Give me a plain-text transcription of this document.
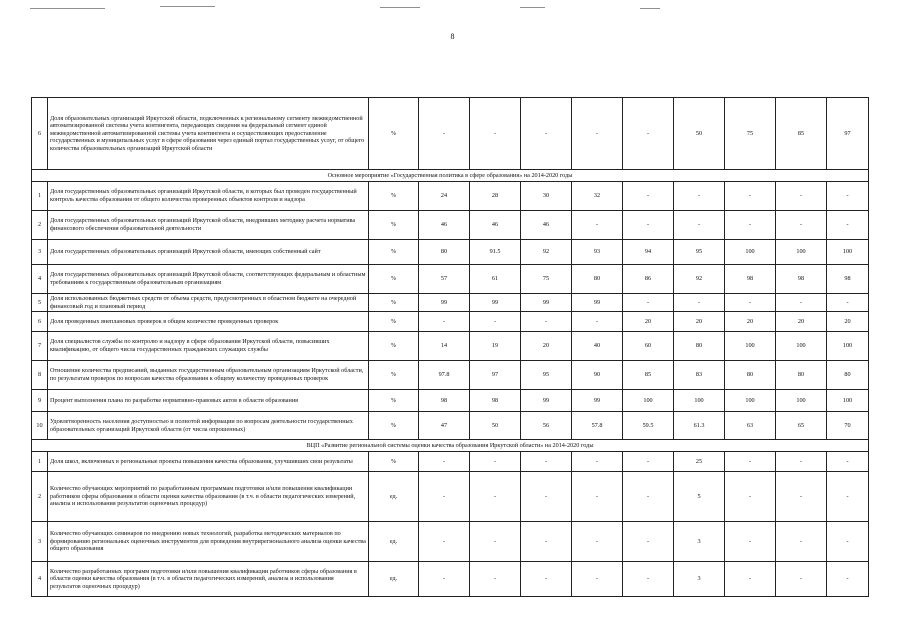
8
6	Доля образовательных организаций Иркутской области, подключенных к региональному сегменту межведомственной автоматизированной системы учета контингента, передающих сведения на федеральный сегмент единой межведомственной автоматизированной системы учета контингента и осуществляющих предоставление государственных и муниципальных услуг в сфере образования через единый портал государственных услуг, от общего количества образовательных организаций Иркутской области	%	-	-	-	-	-	50	75	85	97
Основное мероприятие «Государственная политика в сфере образования» на 2014-2020 годы											
1	Доля государственных образовательных организаций Иркутской области, в которых был проведен государственный контроль качества образования от общего количества проверенных объектов контроля и надзора	%	24	28	30	32	-	-	-	-	-
2	Доля государственных образовательных организаций Иркутской области, внедривших методику расчета норматива финансового обеспечения образовательной деятельности	%	46	46	46	-	-	-	-	-	-
3	Доля государственных образовательных организаций Иркутской области, имеющих собственный сайт	%	80	91.5	92	93	94	95	100	100	100
4	Доля государственных образовательных организаций Иркутской области, соответствующих федеральным и областным требованиям к государственным образовательным организациям	%	57	61	75	80	86	92	98	98	98
5	Доля использованных бюджетных средств от объема средств, предусмотренных в областном бюджете на очередной финансовый год и плановый период	%	99	99	99	99	-	-	-	-	-
6	Доля проведенных внеплановых проверок в общем количестве проведенных проверок	%	-	-	-	-	20	20	20	20	20
7	Доля специалистов службы по контролю и надзору в сфере образования Иркутской области, повысивших квалификацию, от общего числа государственных гражданских служащих службы	%	14	19	20	40	60	80	100	100	100
8	Отношение количества предписаний, выданных государственным образовательным организациям Иркутской области, по результатам проверок по вопросам качества образования к общему количеству проведенных проверок	%	97.8	97	95	90	85	83	80	80	80
9	Процент выполнения плана по разработке нормативно-правовых актов в области образования	%	98	98	99	99	100	100	100	100	100
10	Удовлетворенность населения доступностью и полнотой информации по вопросам деятельности государственных образовательных организаций Иркутской области (от числа опрошенных)	%	47	50	56	57.8	59.5	61.3	63	65	70
ВЦП «Развитие региональной системы оценки качества образования Иркутской области» на 2014-2020 годы											
1	Доля школ, включенных в региональные проекты повышения качества образования, улучшивших свои результаты	%	-	-	-	-	-	25	-	-	-
2	Количество обучающих мероприятий по разработанным программам подготовки и/или повышения квалификации работников сферы образования в области оценки качества образования (в т.ч. в области педагогических измерений, анализа и использования результатов оценочных процедур)	ед.	-	-	-	-	-	5	-	-	-
3	Количество обучающих семинаров по внедрению новых технологий, разработка методических материалов по формированию региональных оценочных инструментов для проведения внутрирегионального анализа оценки качества общего образования	ед.	-	-	-	-	-	3	-	-	-
4	Количество разработанных программ подготовки и/или повышения квалификации работников сферы образования в области оценки качества образования (в т.ч. в области педагогических измерений, анализа и использования результатов оценочных процедур)	ед.	-	-	-	-	-	3	-	-	-
